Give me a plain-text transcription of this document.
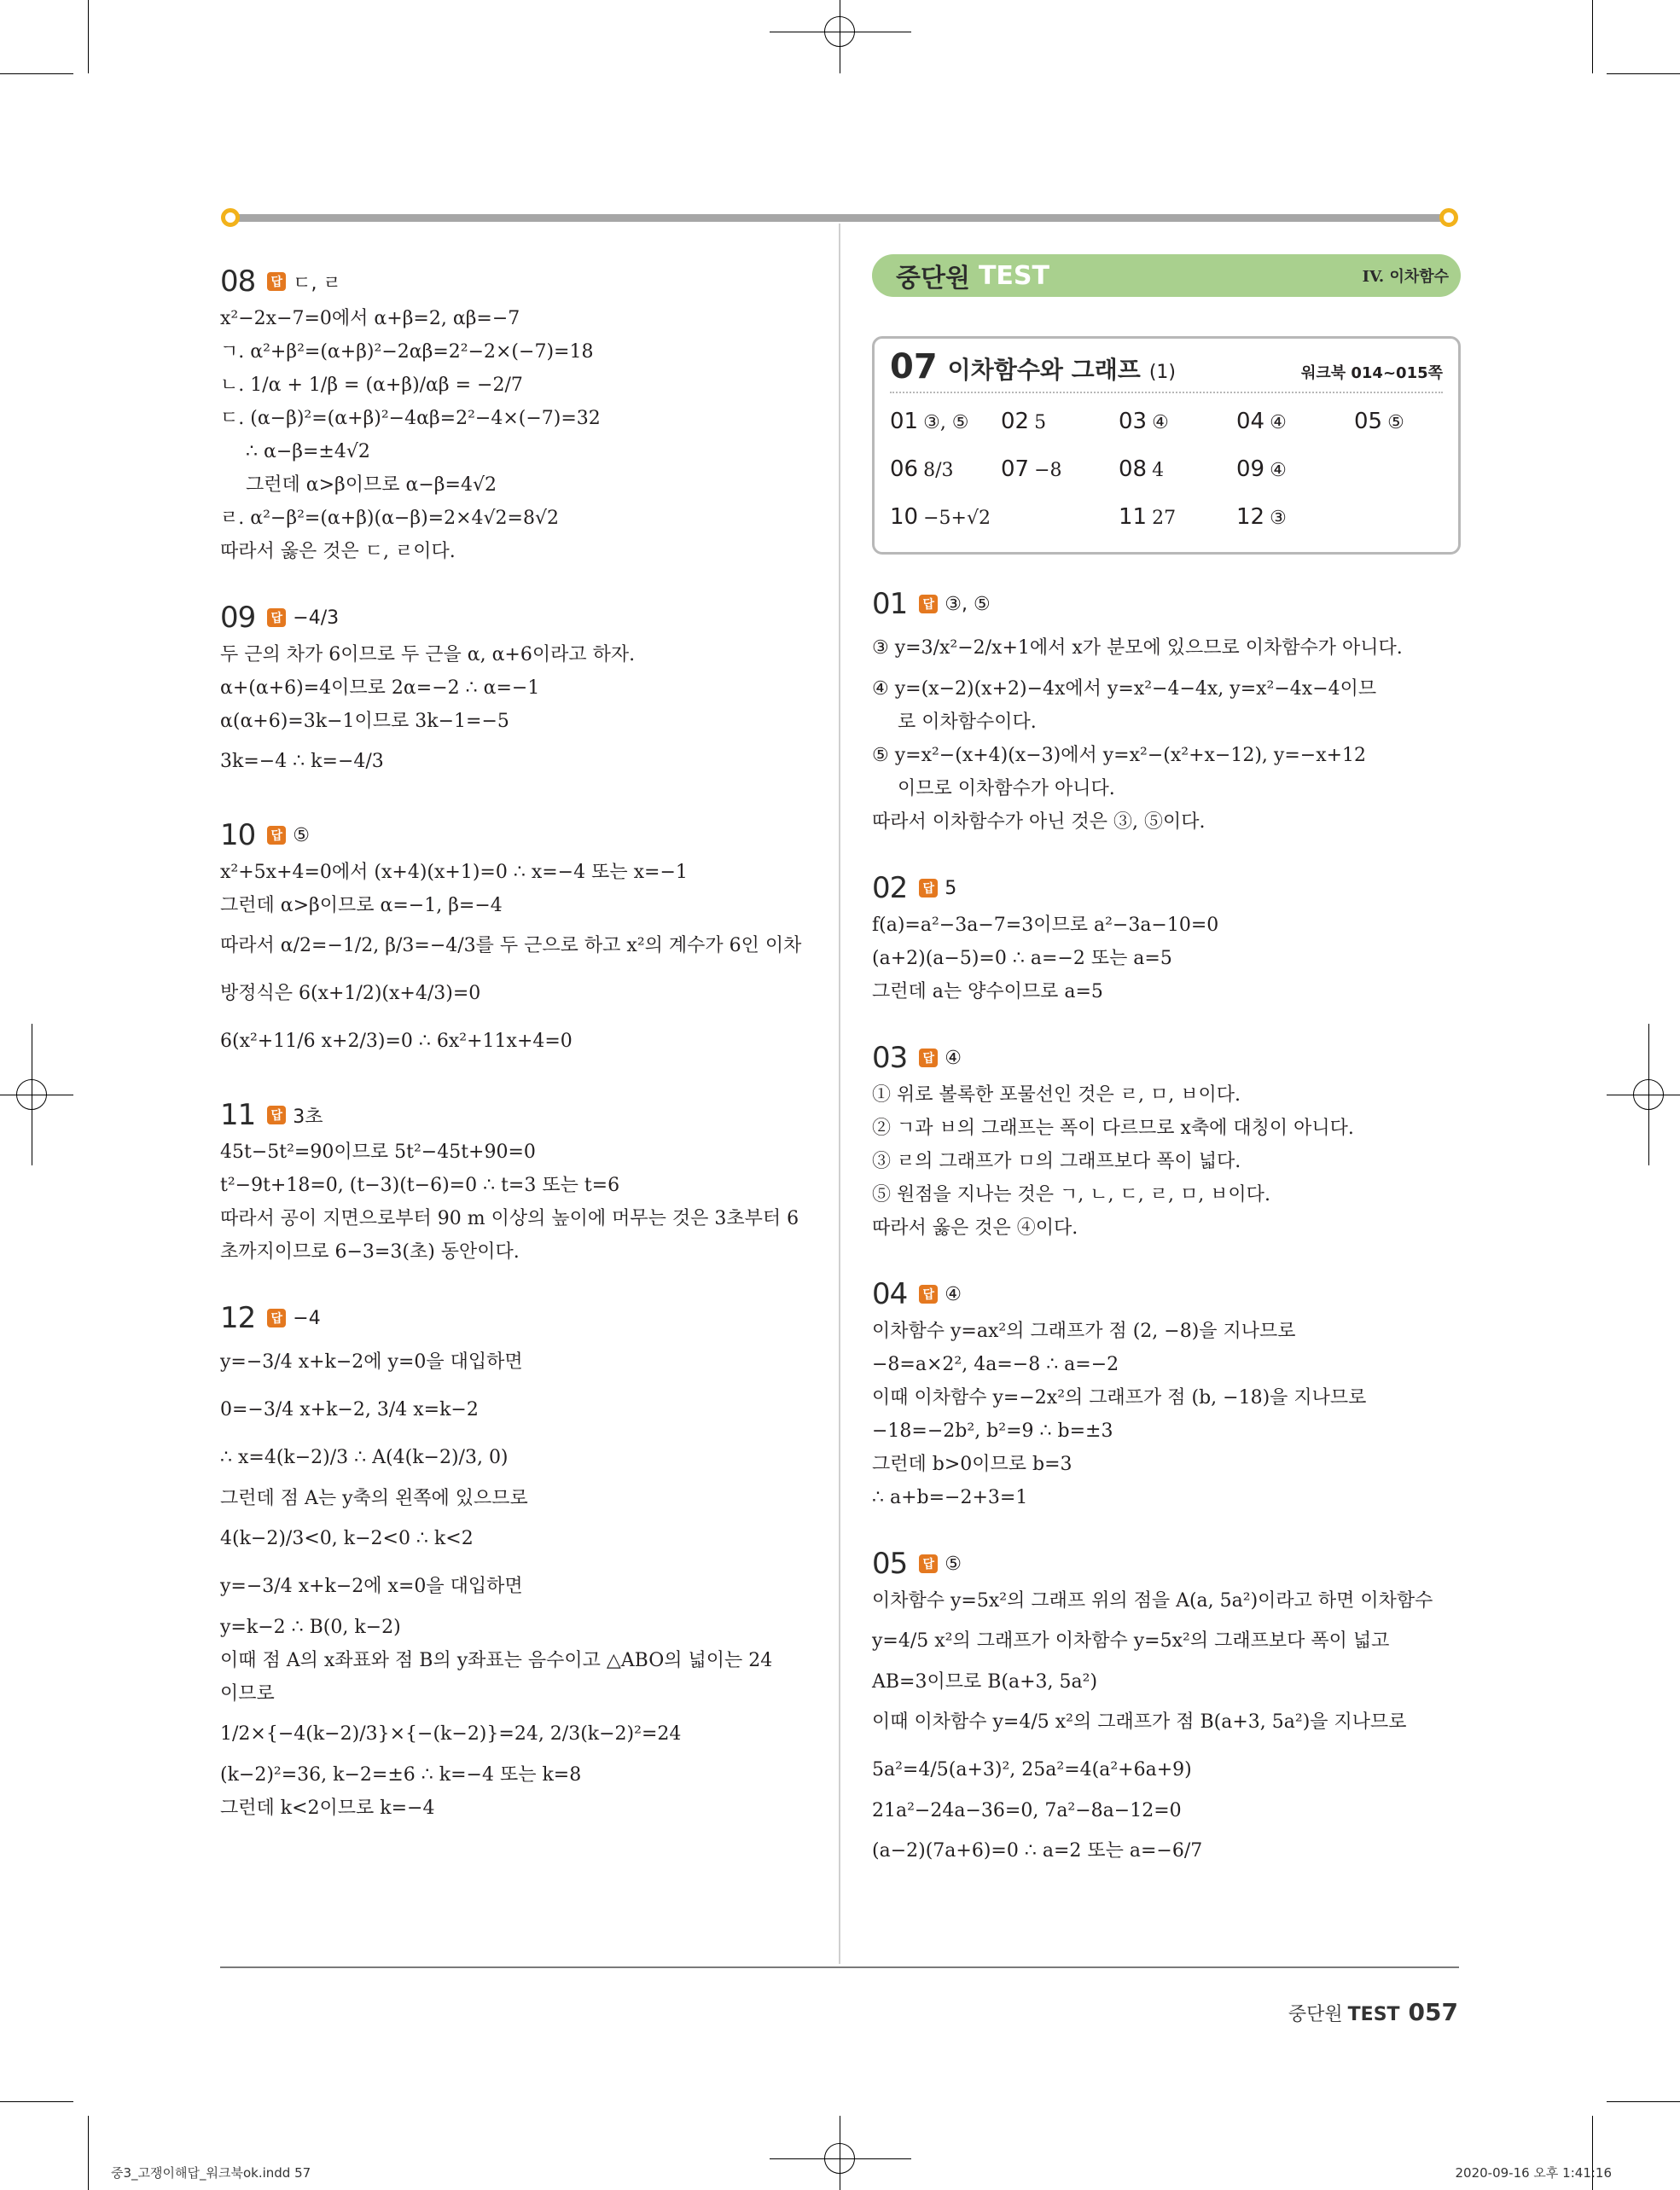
08	답 ㄷ, ㄹ
x²−2x−7=0에서 α+β=2, αβ=−7
ㄱ. α²+β²=(α+β)²−2αβ=2²−2×(−7)=18
ㄴ. 1/α + 1/β = (α+β)/αβ = −2/7
ㄷ. (α−β)²=(α+β)²−4αβ=2²−4×(−7)=32
∴ α−β=±4√2
그런데 α>β이므로 α−β=4√2
ㄹ. α²−β²=(α+β)(α−β)=2×4√2=8√2
따라서 옳은 것은 ㄷ, ㄹ이다.
09	답 −4/3
두 근의 차가 6이므로 두 근을 α, α+6이라고 하자.
α+(α+6)=4이므로 2α=−2 ∴ α=−1
α(α+6)=3k−1이므로 3k−1=−5
3k=−4 ∴ k=−4/3
10	답 ⑤
x²+5x+4=0에서 (x+4)(x+1)=0 ∴ x=−4 또는 x=−1
그런데 α>β이므로 α=−1, β=−4
따라서 α/2=−1/2, β/3=−4/3를 두 근으로 하고 x²의 계수가 6인 이차
방정식은 6(x+1/2)(x+4/3)=0
6(x²+11/6 x+2/3)=0 ∴ 6x²+11x+4=0
11	답 3초
45t−5t²=90이므로 5t²−45t+90=0
t²−9t+18=0, (t−3)(t−6)=0 ∴ t=3 또는 t=6
따라서 공이 지면으로부터 90 m 이상의 높이에 머무는 것은 3초부터 6
초까지이므로 6−3=3(초) 동안이다.
12	답 −4
y=−3/4 x+k−2에 y=0을 대입하면
0=−3/4 x+k−2, 3/4 x=k−2
∴ x=4(k−2)/3 ∴ A(4(k−2)/3, 0)
그런데 점 A는 y축의 왼쪽에 있으므로
4(k−2)/3<0, k−2<0 ∴ k<2
y=−3/4 x+k−2에 x=0을 대입하면
y=k−2 ∴ B(0, k−2)
이때 점 A의 x좌표와 점 B의 y좌표는 음수이고 △ABO의 넓이는 24
이므로
1/2×{−4(k−2)/3}×{−(k−2)}=24, 2/3(k−2)²=24
(k−2)²=36, k−2=±6 ∴ k=−4 또는 k=8
그런데 k<2이므로 k=−4
중단원 TEST	IV. 이차함수
07 이차함수와 그래프 (1)	워크북 014~015쪽
01 ③, ⑤	02 5	03 ④	04 ④	05 ⑤
06 8/3	07 −8	08 4	09 ④
10 −5+√2	11 27	12 ③
01	답 ③, ⑤
③ y=3/x²−2/x+1에서 x가 분모에 있으므로 이차함수가 아니다.
④ y=(x−2)(x+2)−4x에서 y=x²−4−4x, y=x²−4x−4이므
로 이차함수이다.
⑤ y=x²−(x+4)(x−3)에서 y=x²−(x²+x−12), y=−x+12
이므로 이차함수가 아니다.
따라서 이차함수가 아닌 것은 ③, ⑤이다.
02	답 5
f(a)=a²−3a−7=3이므로 a²−3a−10=0
(a+2)(a−5)=0 ∴ a=−2 또는 a=5
그런데 a는 양수이므로 a=5
03	답 ④
① 위로 볼록한 포물선인 것은 ㄹ, ㅁ, ㅂ이다.
② ㄱ과 ㅂ의 그래프는 폭이 다르므로 x축에 대칭이 아니다.
③ ㄹ의 그래프가 ㅁ의 그래프보다 폭이 넓다.
⑤ 원점을 지나는 것은 ㄱ, ㄴ, ㄷ, ㄹ, ㅁ, ㅂ이다.
따라서 옳은 것은 ④이다.
04	답 ④
이차함수 y=ax²의 그래프가 점 (2, −8)을 지나므로
−8=a×2², 4a=−8 ∴ a=−2
이때 이차함수 y=−2x²의 그래프가 점 (b, −18)을 지나므로
−18=−2b², b²=9 ∴ b=±3
그런데 b>0이므로 b=3
∴ a+b=−2+3=1
05	답 ⑤
이차함수 y=5x²의 그래프 위의 점을 A(a, 5a²)이라고 하면 이차함수
y=4/5 x²의 그래프가 이차함수 y=5x²의 그래프보다 폭이 넓고
AB=3이므로 B(a+3, 5a²)
이때 이차함수 y=4/5 x²의 그래프가 점 B(a+3, 5a²)을 지나므로
5a²=4/5(a+3)², 25a²=4(a²+6a+9)
21a²−24a−36=0, 7a²−8a−12=0
(a−2)(7a+6)=0 ∴ a=2 또는 a=−6/7
중단원 TEST 057
중3_고쟁이해답_워크북ok.indd 57	2020-09-16 오후 1:41:16
